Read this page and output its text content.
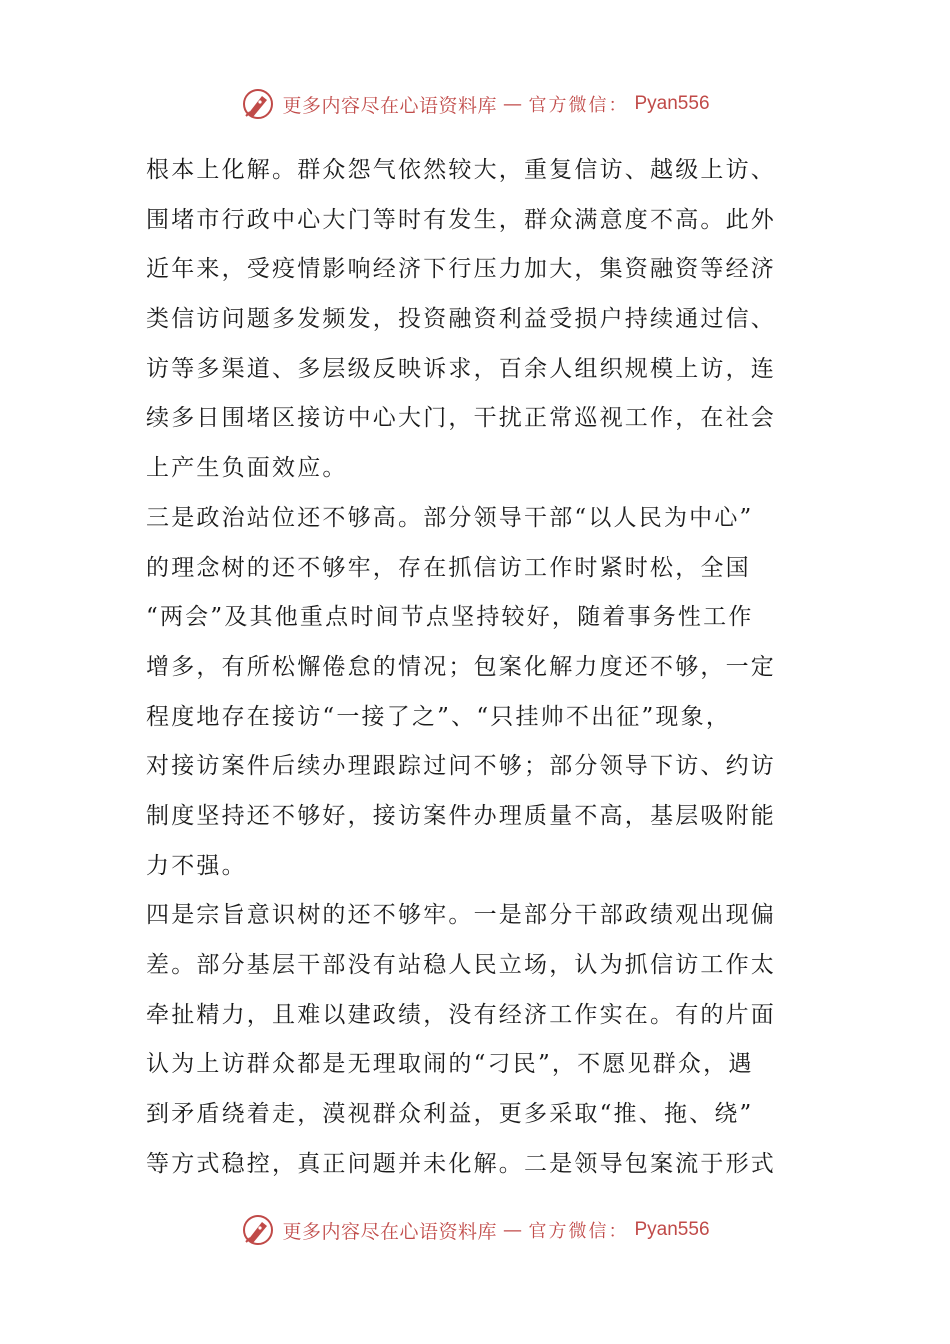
更多内容尽在心语资料库 — 官方微信： Pyan556
根本上化解。群众怨气依然较大，重复信访、越级上访、
围堵市行政中心大门等时有发生，群众满意度不高。此外
近年来，受疫情影响经济下行压力加大，集资融资等经济
类信访问题多发频发，投资融资利益受损户持续通过信、
访等多渠道、多层级反映诉求，百余人组织规模上访，连
续多日围堵区接访中心大门，干扰正常巡视工作，在社会
上产生负面效应。
三是政治站位还不够高。部分领导干部“以人民为中心”
的理念树的还不够牢，存在抓信访工作时紧时松，全国
“两会”及其他重点时间节点坚持较好，随着事务性工作
增多，有所松懈倦怠的情况；包案化解力度还不够，一定
程度地存在接访“一接了之”、“只挂帅不出征”现象，
对接访案件后续办理跟踪过问不够；部分领导下访、约访
制度坚持还不够好，接访案件办理质量不高，基层吸附能
力不强。
四是宗旨意识树的还不够牢。一是部分干部政绩观出现偏
差。部分基层干部没有站稳人民立场，认为抓信访工作太
牵扯精力，且难以建政绩，没有经济工作实在。有的片面
认为上访群众都是无理取闹的“刁民”，不愿见群众，遇
到矛盾绕着走，漠视群众利益，更多采取“推、拖、绕”
等方式稳控，真正问题并未化解。二是领导包案流于形式
更多内容尽在心语资料库 — 官方微信： Pyan556
